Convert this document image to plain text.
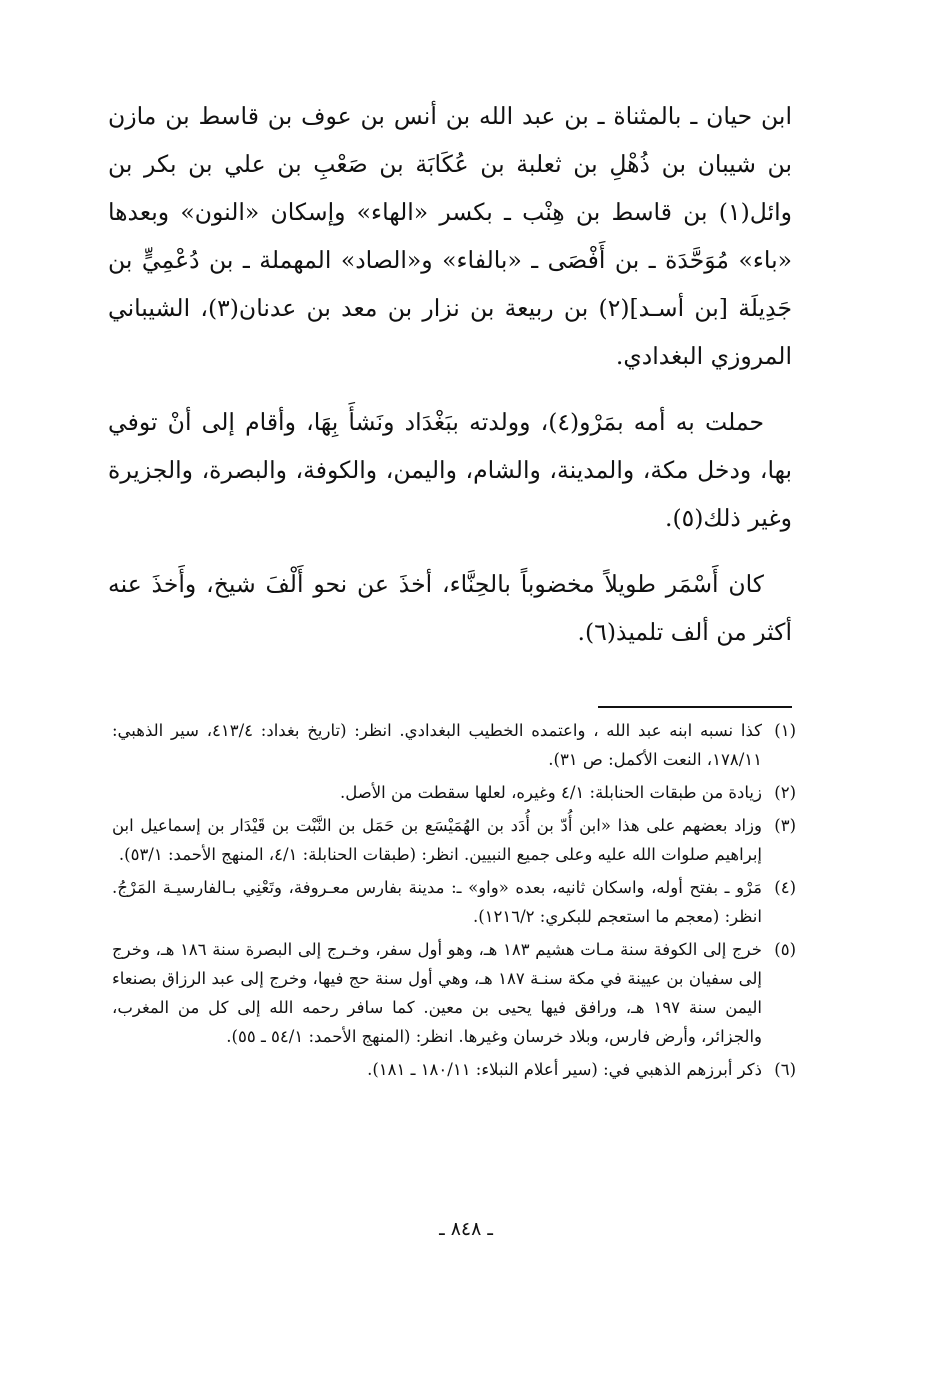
ابن حيان ـ بالمثناة ـ بن عبد الله بن أنس بن عوف بن قاسط بن مازن بن شيبان بن ذُهْلِ بن ثعلبة بن عُكَابَة بن صَعْبِ بن علي بن بكر بن وائل(١) بن قاسط بن هِنْب ـ بكسر «الهاء» وإسكان «النون» وبعدها «باء» مُوَحَّدَة ـ بن أَفْصَى ـ «بالفاء» و«الصاد» المهملة ـ بن دُعْمِيٍّ بن جَدِيلَة [بن أسـد](٢) بن ربيعة بن نزار بن معد بن عدنان(٣)، الشيباني المروزي البغدادي.

حملت به أمه بمَرْو(٤)، وولدته ببَغْدَاد ونَشأَ بِهَا، وأقام إلى أنْ توفي بها، ودخل مكة، والمدينة، والشام، واليمن، والكوفة، والبصرة، والجزيرة وغير ذلك(٥).

كان أَسْمَر طويلاً مخضوباً بالحِنَّاء، أخذَ عن نحو أَلْفَ شيخ، وأَخذَ عنه أكثر من ألف تلميذ(٦).

(١)
كذا نسبه ابنه عبد الله ، واعتمده الخطيب البغدادي. انظر: (تاريخ بغداد: ٤١٣/٤، سير الذهبي: ١٧٨/١١، النعت الأكمل: ص ٣١).
(٢)
زيادة من طبقات الحنابلة: ٤/١ وغيره، لعلها سقطت من الأصل.
(٣)
وزاد بعضهم على هذا «ابن أُدّ بن أُدَد بن الهُمَيْسَع بن حَمَل بن النَّبْت بن قَيْدَار بن إسماعيل ابن إبراهيم صلوات الله عليه وعلى جميع النبيين. انظر: (طبقات الحنابلة: ٤/١، المنهج الأحمد: ٥٣/١).
(٤)
مَرْو ـ بفتح أوله، واسكان ثانيه، بعده «واو» ـ: مدينة بفارس معـروفة، وتَعْنِي بـالفارسيـة المَرْجُ. انظر: (معجم ما استعجم للبكري: ١٢١٦/٢).
(٥)
خرج إلى الكوفة سنة مـات هشيم ١٨٣ هـ، وهو أول سفر، وخـرج إلى البصرة سنة ١٨٦ هـ، وخرج إلى سفيان بن عيينة في مكة سنـة ١٨٧ هـ، وهي أول سنة حج فيها، وخرج إلى عبد الرزاق بصنعاء اليمن سنة ١٩٧ هـ، ورافق فيها يحيى بن معين. كما سافر رحمه الله إلى كل من المغرب، والجزائر، وأرض فارس، وبلاد خرسان وغيرها. انظر: (المنهج الأحمد: ٥٤/١ ـ ٥٥).
(٦)
ذكر أبرزهم الذهبي في: (سير أعلام النبلاء: ١٨٠/١١ ـ ١٨١).
ـ ٨٤٨ ـ
